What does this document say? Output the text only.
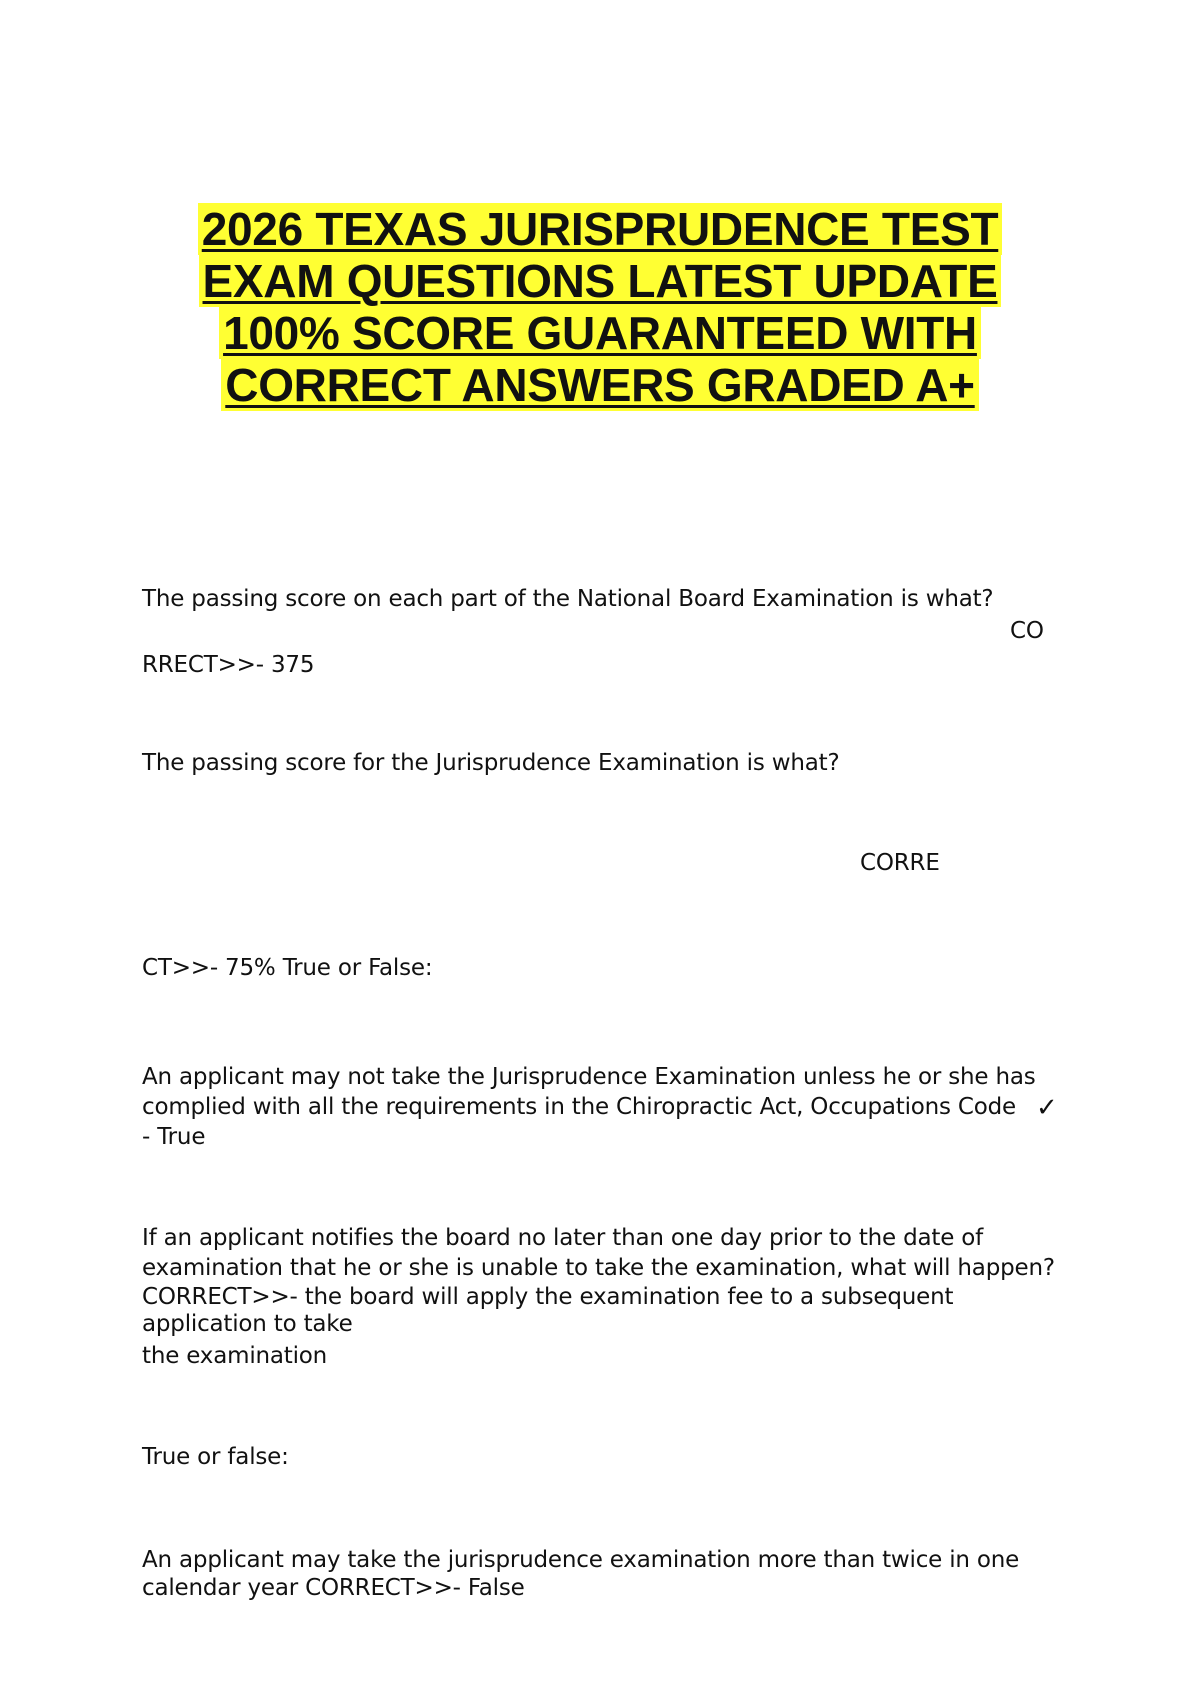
2026 TEXAS JURISPRUDENCE TEST
EXAM QUESTIONS LATEST UPDATE
100% SCORE GUARANTEED WITH
CORRECT ANSWERS GRADED A+
The passing score on each part of the National Board Examination is what?
CO
RRECT>>- 375
The passing score for the Jurisprudence Examination is what?
CORRE
CT>>- 75% True or False:
An applicant may not take the Jurisprudence Examination unless he or she has
complied with all the requirements in the Chiropractic Act, Occupations Code
- True
✓
If an applicant notifies the board no later than one day prior to the date of
examination that he or she is unable to take the examination, what will happen?
CORRECT>>- the board will apply the examination fee to a subsequent
application to take
the examination
True or false:
An applicant may take the jurisprudence examination more than twice in one
calendar year CORRECT>>- False
